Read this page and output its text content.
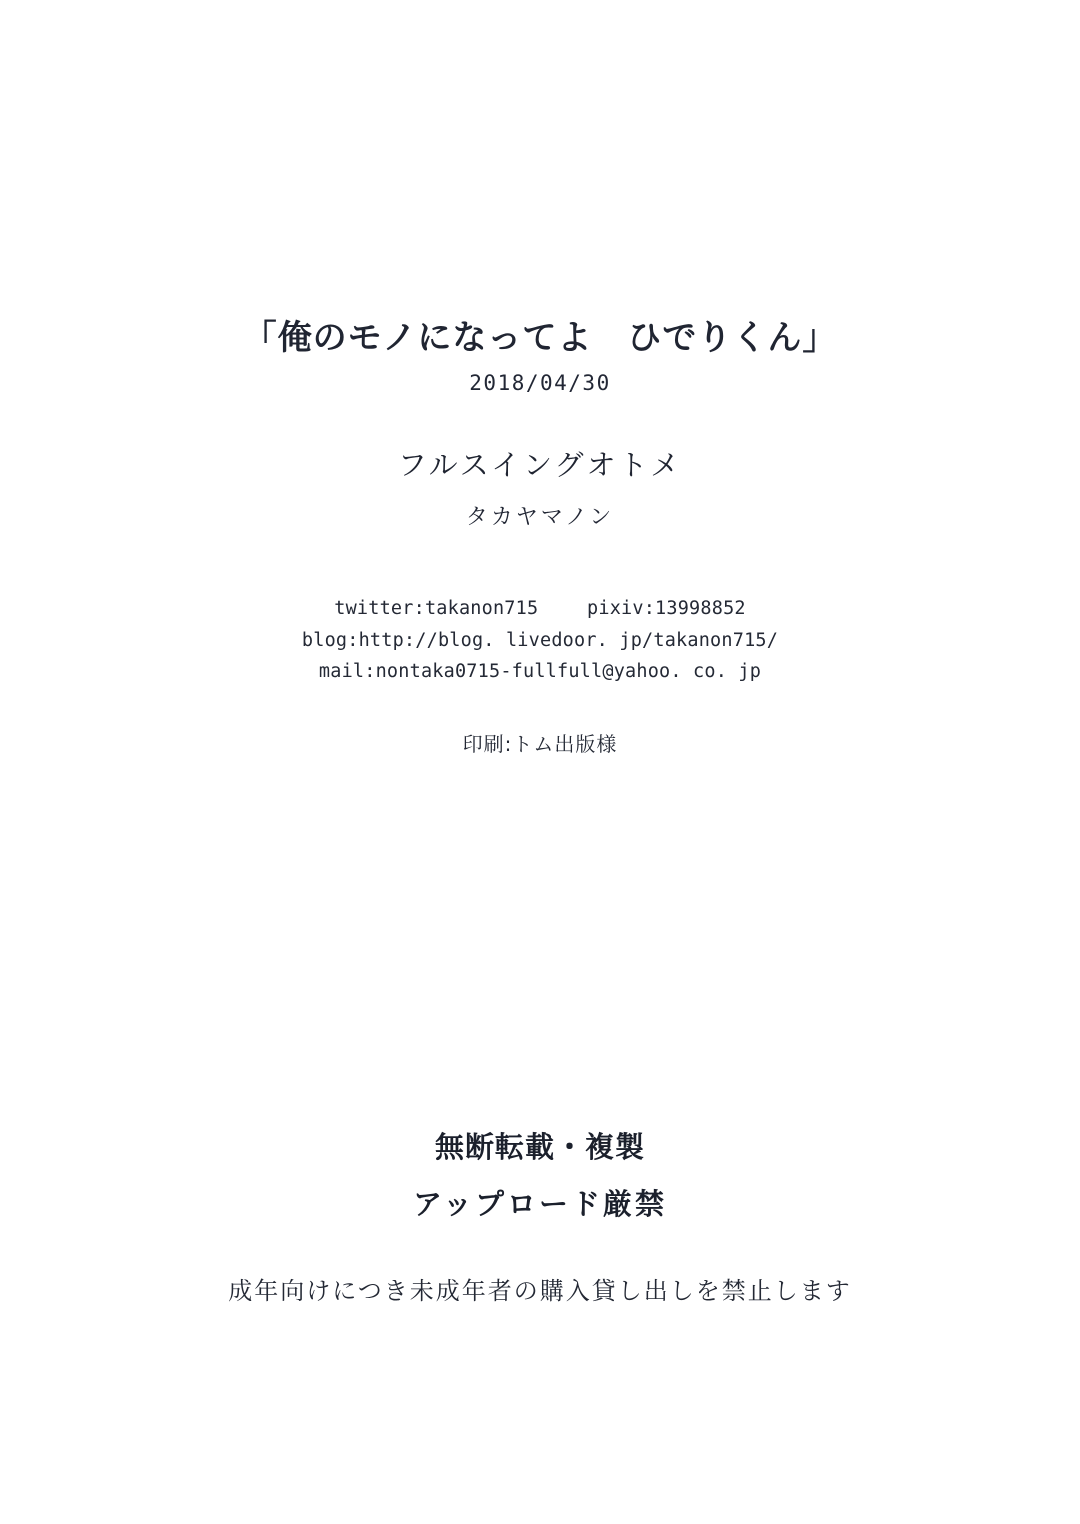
「俺のモノになってよ　ひでりくん」
2018/04/30
フルスイングオトメ
タカヤマノン
twitter:takanon715	pixiv:13998852
blog:http://blog. livedoor. jp/takanon715/
mail:nontaka0715-fullfull@yahoo. co. jp
印刷:トム出版様
無断転載・複製
アップロード厳禁
成年向けにつき未成年者の購入貸し出しを禁止します
